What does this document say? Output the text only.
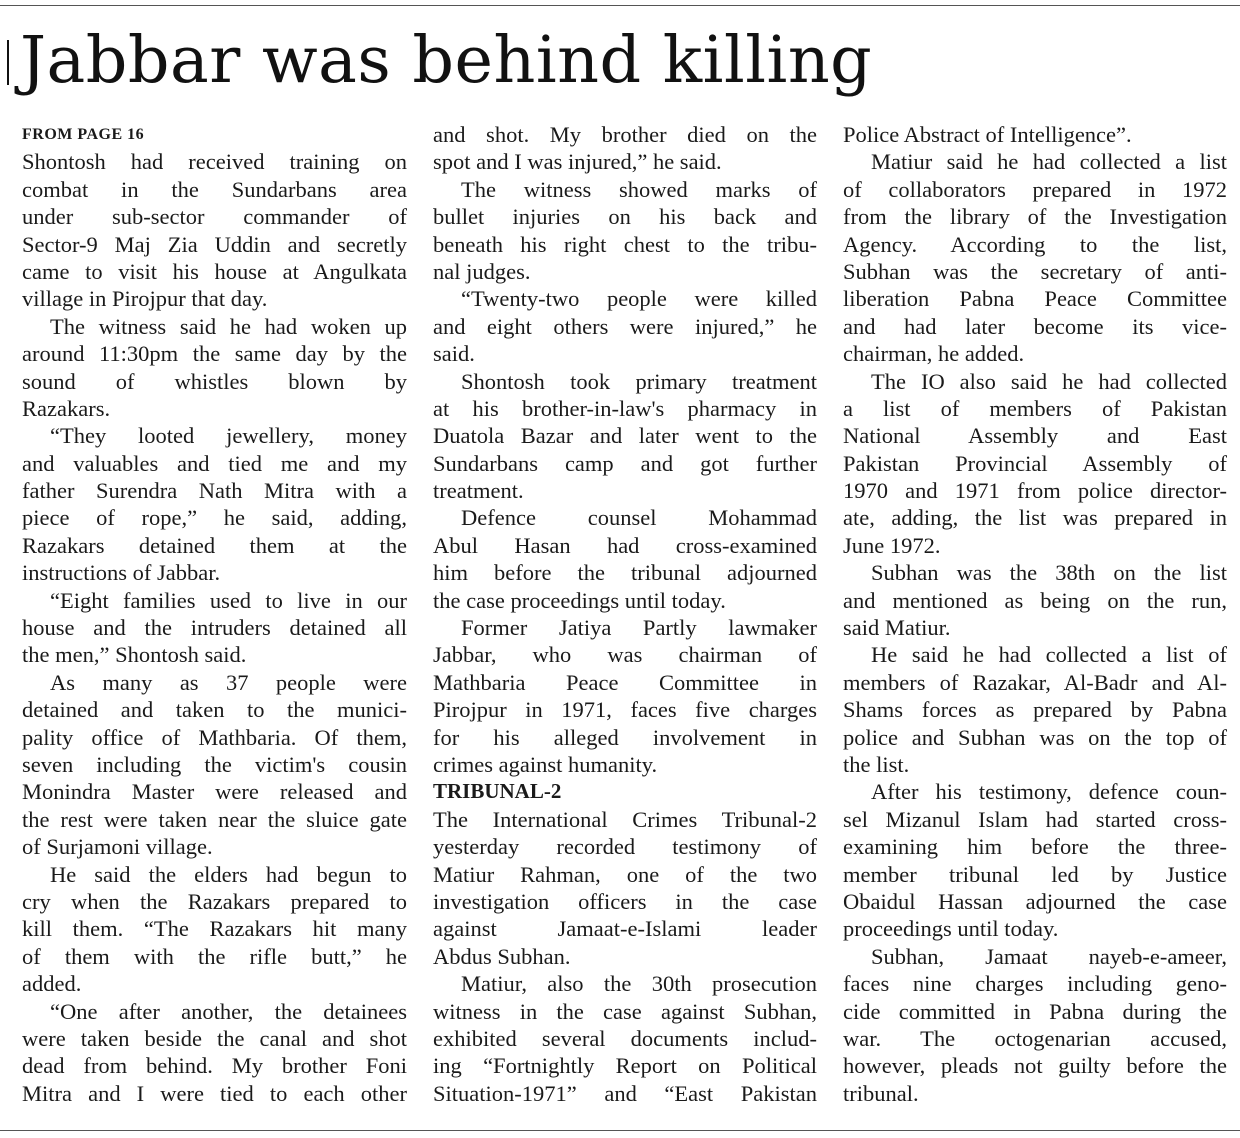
Jabbar was behind killing
FROM PAGE 16
Shontosh had received training on
combat in the Sundarbans area
under sub-sector commander of
Sector-9 Maj Zia Uddin and secretly
came to visit his house at Angulkata
village in Pirojpur that day.
The witness said he had woken up
around 11:30pm the same day by the
sound of whistles blown by
Razakars.
“They looted jewellery, money
and valuables and tied me and my
father Surendra Nath Mitra with a
piece of rope,” he said, adding,
Razakars detained them at the
instructions of Jabbar.
“Eight families used to live in our
house and the intruders detained all
the men,” Shontosh said.
As many as 37 people were
detained and taken to the munici-
pality office of Mathbaria. Of them,
seven including the victim's cousin
Monindra Master were released and
the rest were taken near the sluice gate
of Surjamoni village.
He said the elders had begun to
cry when the Razakars prepared to
kill them. “The Razakars hit many
of them with the rifle butt,” he
added.
“One after another, the detainees
were taken beside the canal and shot
dead from behind. My brother Foni
Mitra and I were tied to each other
and shot. My brother died on the
spot and I was injured,” he said.
The witness showed marks of
bullet injuries on his back and
beneath his right chest to the tribu-
nal judges.
“Twenty-two people were killed
and eight others were injured,” he
said.
Shontosh took primary treatment
at his brother-in-law's pharmacy in
Duatola Bazar and later went to the
Sundarbans camp and got further
treatment.
Defence counsel Mohammad
Abul Hasan had cross-examined
him before the tribunal adjourned
the case proceedings until today.
Former Jatiya Partly lawmaker
Jabbar, who was chairman of
Mathbaria Peace Committee in
Pirojpur in 1971, faces five charges
for his alleged involvement in
crimes against humanity.
TRIBUNAL-2
The International Crimes Tribunal-2
yesterday recorded testimony of
Matiur Rahman, one of the two
investigation officers in the case
against Jamaat-e-Islami leader
Abdus Subhan.
Matiur, also the 30th prosecution
witness in the case against Subhan,
exhibited several documents includ-
ing “Fortnightly Report on Political
Situation-1971” and “East Pakistan
Police Abstract of Intelligence”.
Matiur said he had collected a list
of collaborators prepared in 1972
from the library of the Investigation
Agency. According to the list,
Subhan was the secretary of anti-
liberation Pabna Peace Committee
and had later become its vice-
chairman, he added.
The IO also said he had collected
a list of members of Pakistan
National Assembly and East
Pakistan Provincial Assembly of
1970 and 1971 from police director-
ate, adding, the list was prepared in
June 1972.
Subhan was the 38th on the list
and mentioned as being on the run,
said Matiur.
He said he had collected a list of
members of Razakar, Al-Badr and Al-
Shams forces as prepared by Pabna
police and Subhan was on the top of
the list.
After his testimony, defence coun-
sel Mizanul Islam had started cross-
examining him before the three-
member tribunal led by Justice
Obaidul Hassan adjourned the case
proceedings until today.
Subhan, Jamaat nayeb-e-ameer,
faces nine charges including geno-
cide committed in Pabna during the
war. The octogenarian accused,
however, pleads not guilty before the
tribunal.
